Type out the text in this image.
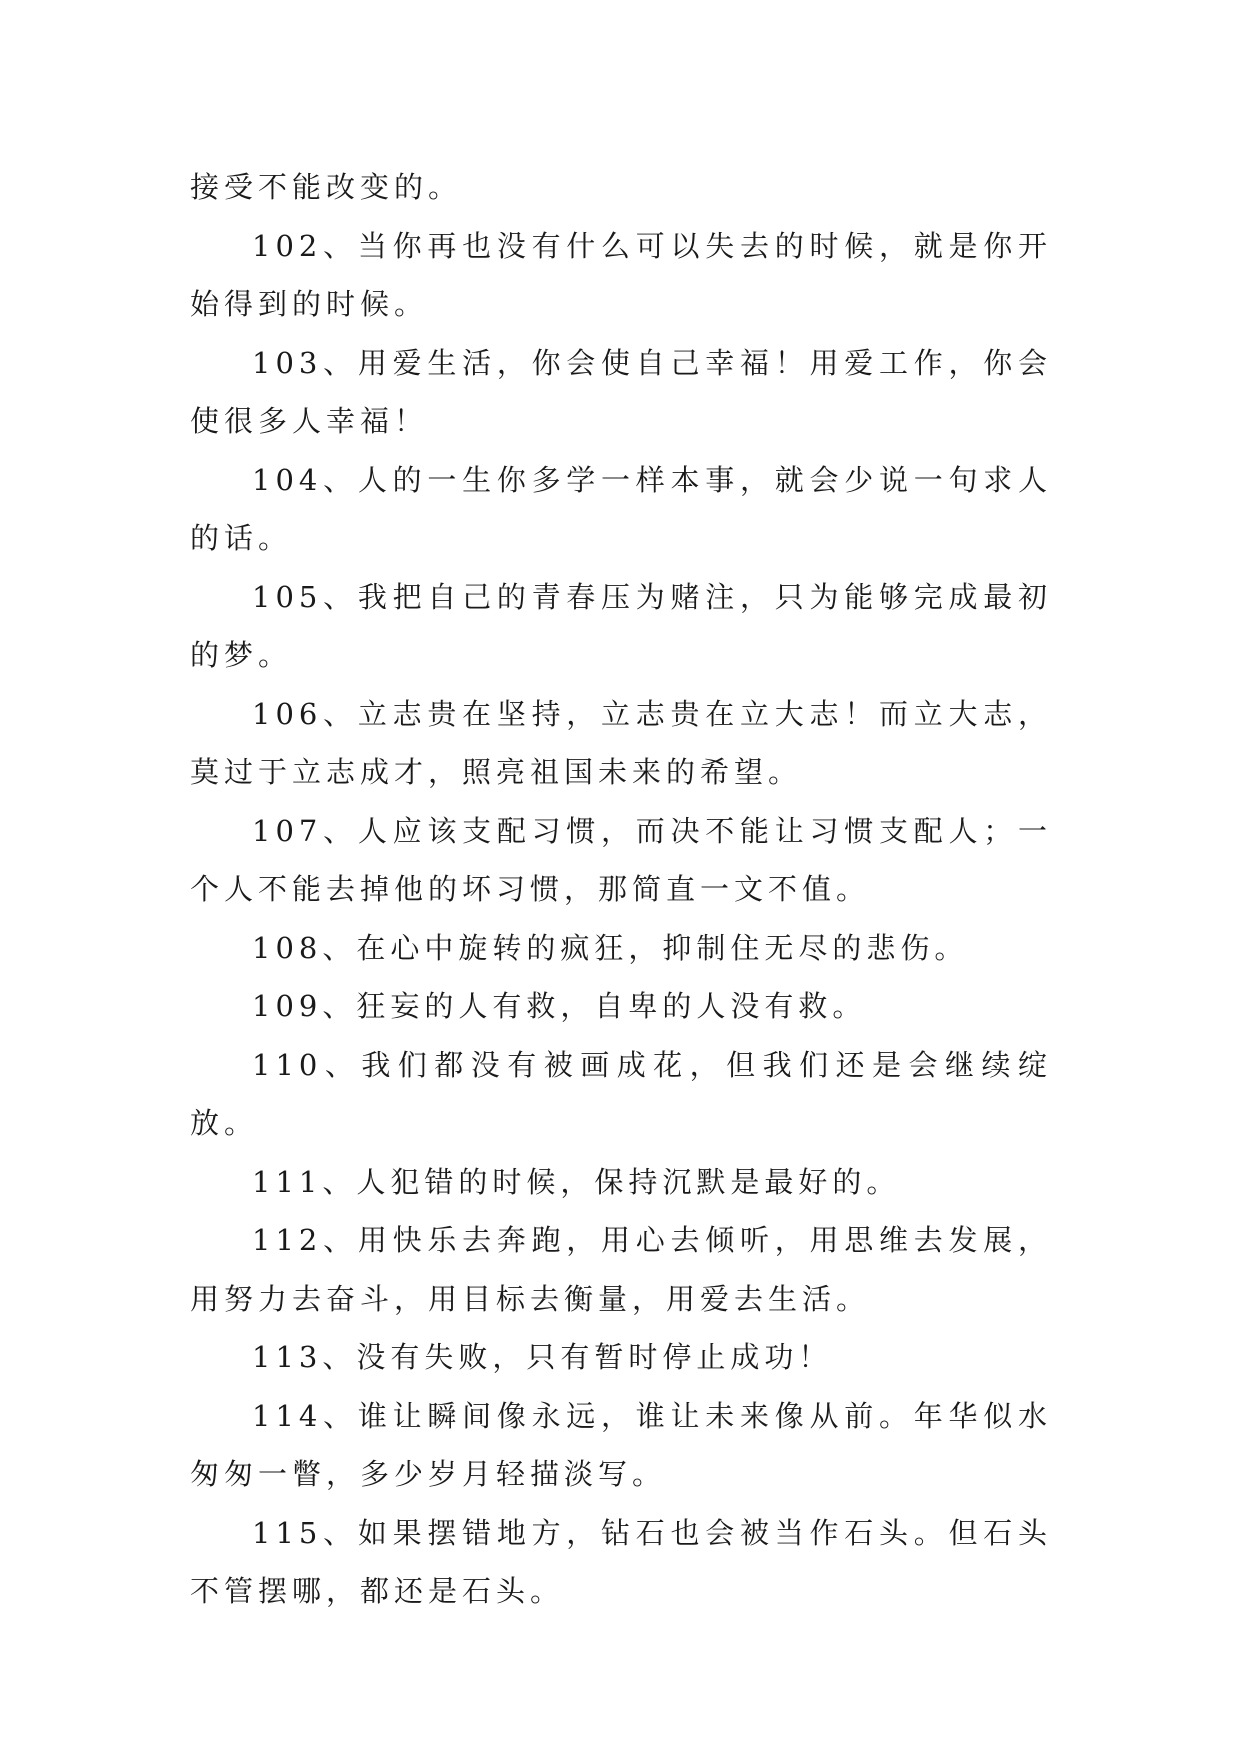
接受不能改变的。

102、当你再也没有什么可以失去的时候，就是你开始得到的时候。

103、用爱生活，你会使自己幸福！用爱工作，你会使很多人幸福！

104、人的一生你多学一样本事，就会少说一句求人的话。

105、我把自己的青春压为赌注，只为能够完成最初的梦。

106、立志贵在坚持，立志贵在立大志！而立大志，莫过于立志成才，照亮祖国未来的希望。

107、人应该支配习惯，而决不能让习惯支配人；一个人不能去掉他的坏习惯，那简直一文不值。

108、在心中旋转的疯狂，抑制住无尽的悲伤。

109、狂妄的人有救，自卑的人没有救。

110、我们都没有被画成花，但我们还是会继续绽放。

111、人犯错的时候，保持沉默是最好的。

112、用快乐去奔跑，用心去倾听，用思维去发展，用努力去奋斗，用目标去衡量，用爱去生活。

113、没有失败，只有暂时停止成功！

114、谁让瞬间像永远，谁让未来像从前。年华似水匆匆一瞥，多少岁月轻描淡写。

115、如果摆错地方，钻石也会被当作石头。但石头不管摆哪，都还是石头。
